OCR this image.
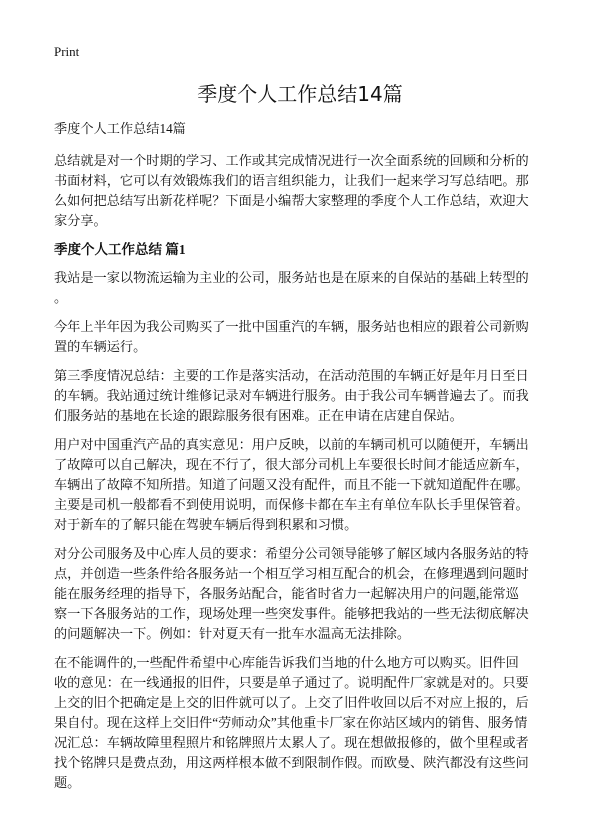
Print
季度个人工作总结14篇
季度个人工作总结14篇

总结就是对一个时期的学习、工作或其完成情况进行一次全面系统的回顾和分析的
书面材料，它可以有效锻炼我们的语言组织能力，让我们一起来学习写总结吧。那
么如何把总结写出新花样呢？下面是小编帮大家整理的季度个人工作总结，欢迎大
家分享。

季度个人工作总结 篇1

我站是一家以物流运输为主业的公司，服务站也是在原来的自保站的基础上转型的
。

今年上半年因为我公司购买了一批中国重汽的车辆，服务站也相应的跟着公司新购
置的车辆运行。

第三季度情况总结：主要的工作是落实活动，在活动范围的车辆正好是年月日至日
的车辆。我站通过统计维修记录对车辆进行服务。由于我公司车辆普遍去了。而我
们服务站的基地在长途的跟踪服务很有困难。正在申请在店建自保站。

用户对中国重汽产品的真实意见：用户反映，以前的车辆司机可以随便开，车辆出
了故障可以自己解决，现在不行了，很大部分司机上车要很长时间才能适应新车，
车辆出了故障不知所措。知道了问题又没有配件，而且不能一下就知道配件在哪。
主要是司机一般都看不到使用说明，而保修卡都在车主有单位车队长手里保管着。
对于新车的了解只能在驾驶车辆后得到积累和习惯。

对分公司服务及中心库人员的要求：希望分公司领导能够了解区域内各服务站的特
点，并创造一些条件给各服务站一个相互学习相互配合的机会，在修理遇到问题时
能在服务经理的指导下，各服务站配合，能省时省力一起解决用户的问题,能常巡
察一下各服务站的工作，现场处理一些突发事件。能够把我站的一些无法彻底解决
的问题解决一下。例如：针对夏天有一批车水温高无法排除。

在不能调件的,一些配件希望中心库能告诉我们当地的什么地方可以购买。旧件回
收的意见：在一线通报的旧件，只要是单子通过了。说明配件厂家就是对的。只要
上交的旧个把确定是上交的旧件就可以了。上交了旧件收回以后不对应上报的，后
果自付。现在这样上交旧件“劳师动众”其他重卡厂家在你站区域内的销售、服务情
况汇总：车辆故障里程照片和铭牌照片太累人了。现在想做报修的，做个里程或者
找个铭牌只是费点劲，用这两样根本做不到限制作假。而欧曼、陕汽都没有这些问
题。
